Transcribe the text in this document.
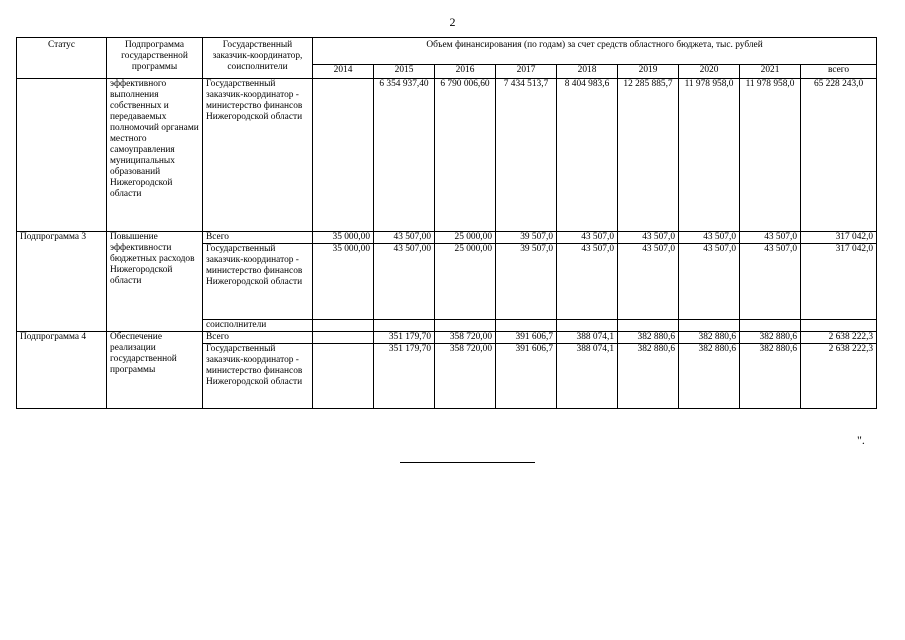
2
Статус	Подпрограмма государственной программы	Государственный заказчик-координатор, соисполнители	Объем финансирования (по годам) за счет средств областного бюджета, тыс. рублей								
			2014	2015	2016	2017	2018	2019	2020	2021	всего
	эффективного выполнения собственных и передаваемых полномочий органами местного самоуправления муниципальных образований Нижегородской области	Государственный заказчик-координатор - министерство финансов Нижегородской области		6 354 937,40	6 790 006,60	7 434 513,7	8 404 983,6	12 285 885,7	11 978 958,0	11 978 958,0	65 228 243,0
Подпрограмма 3	Повышение эффективности бюджетных расходов Нижегородской области	Всего	35 000,00	43 507,00	25 000,00	39 507,0	43 507,0	43 507,0	43 507,0	43 507,0	317 042,0
		Государственный заказчик-координатор - министерство финансов Нижегородской области	35 000,00	43 507,00	25 000,00	39 507,0	43 507,0	43 507,0	43 507,0	43 507,0	317 042,0
		соисполнители									
Подпрограмма 4	Обеспечение реализации государственной программы	Всего		351 179,70	358 720,00	391 606,7	388 074,1	382 880,6	382 880,6	382 880,6	2 638 222,3
		Государственный заказчик-координатор - министерство финансов Нижегородской области		351 179,70	358 720,00	391 606,7	388 074,1	382 880,6	382 880,6	382 880,6	2 638 222,3
".
